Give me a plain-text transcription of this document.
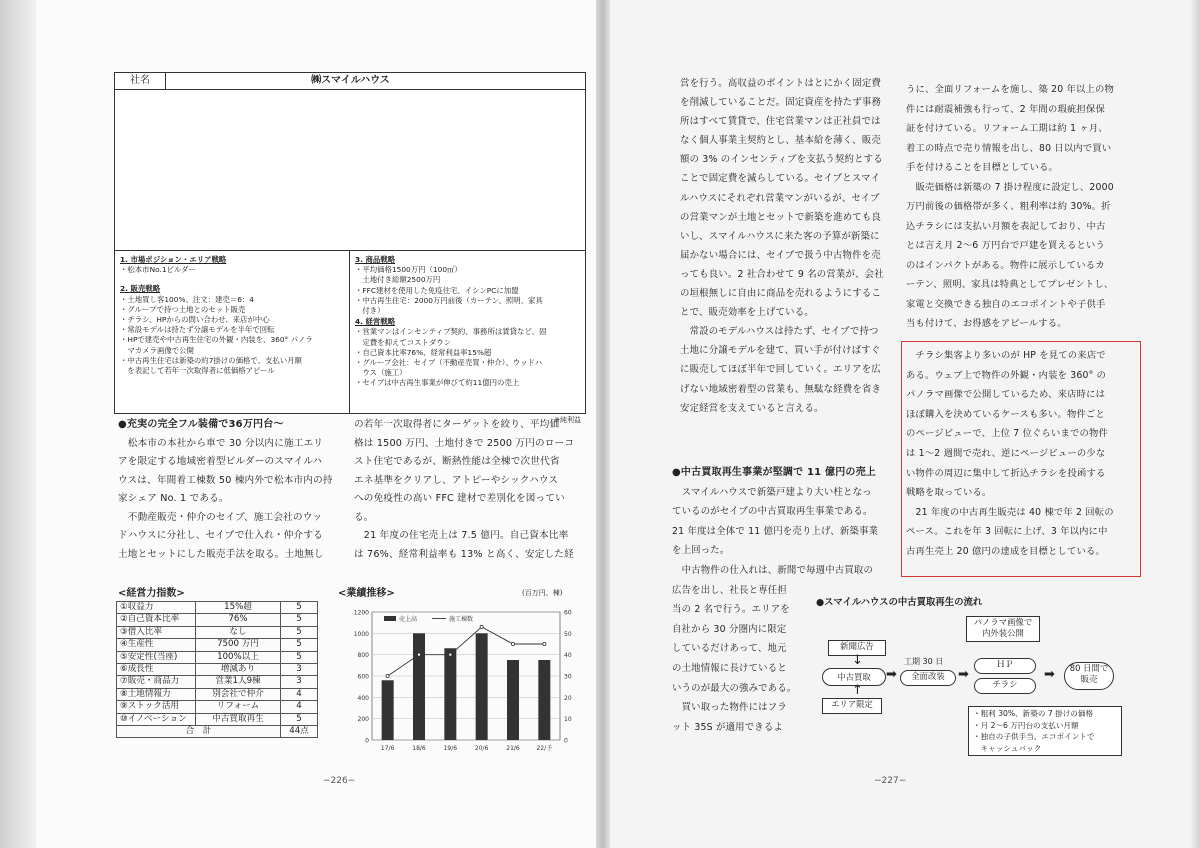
社名	㈱スマイルハウス
1. 市場ポジション・エリア戦略
・松本市No.1ビルダー
2. 販売戦略
・土地買し客100%、注文：建売＝6：4
・グループで持つ土地とのセット販売
・チラシ、HPからの問い合わせ、来店が中心
・常設モデルは持たず分譲モデルを半年で回転
・HPで建売や中古再生住宅の外観・内装を、360° パノラ
　マカメラ画像で公開
・中古再生住宅は新築の約7掛けの価格で、支払い月額
　を表記して若年一次取得者に低価格アピール
3. 商品戦略
・平均価格1500万円（100㎡）
　土地付き総額2500万円
・FFC建材を使用した免疫住宅、イシンPCに加盟
・中古再生住宅：2000万円前後（カーテン、照明、家具
　付き）
4. 経営戦略
・営業マンはインセンティブ契約、事務所は賃貸など、固
　定費を抑えてコストダウン
・自己資本比率76%、経常利益率15%超
・グループ会社：セイブ（不動産売買・仲介）、ウッドハ
　ウス（施工）
・セイブは中古再生事業が伸びて約11億円の売上
※純利益
●充実の完全フル装備で36万円台～

　松本市の本社から車で 30 分以内に施工エリ

アを限定する地域密着型ビルダーのスマイルハ

ウスは、年間着工棟数 50 棟内外で松本市内の持

家シェア No. 1 である。

　不動産販売・仲介のセイブ、施工会社のウッ

ドハウスに分社し、セイブで仕入れ・仲介する

土地とセットにした販売手法を取る。土地無し

の若年一次取得者にターゲットを絞り、平均価

格は 1500 万円、土地付きで 2500 万円のローコ

スト住宅であるが、断熱性能は全棟で次世代省

エネ基準をクリアし、アトピーやシックハウス

への免疫性の高い FFC 建材で差別化を図ってい

る。

　21 年度の住宅売上は 7.5 億円。自己資本比率

は 76%、経常利益率も 13% と高く、安定した経

<経営力指数>
①収益力	15%超	5
②自己資本比率	76%	5
③借入比率	なし	5
④生産性	7500 万円	5
⑤安定性(当座)	100%以上	5
⑥成長性	増減あり	3
⑦販売・商品力	営業1人9棟	3
⑧土地情報力	別会社で仲介	4
⑨ストック活用	リフォーム	4
⑩イノベーション	中古買取再生	5
合　計		44点
<業績推移>	(百万円、棟)
1200
1000
800
600
400
200
0
60
50
40
30
20
10
0
17/6	18/6	19/6	20/6	21/6	22/予
売上高	施工棟数
−226−

営を行う。高収益のポイントはとにかく固定費

を削減していることだ。固定資産を持たず事務

所はすべて賃貸で、住宅営業マンは正社員では

なく個人事業主契約とし、基本給を薄く、販売

額の 3% のインセンティブを支払う契約とする

ことで固定費を減らしている。セイブとスマイ

ルハウスにそれぞれ営業マンがいるが、セイブ

の営業マンが土地とセットで新築を進めても良

いし、スマイルハウスに来た客の予算が新築に

届かない場合には、セイブで扱う中古物件を売

っても良い。2 社合わせて 9 名の営業が、会社

の垣根無しに自由に商品を売れるようにするこ

とで、販売効率を上げている。

　常設のモデルハウスは持たず、セイブで持つ

土地に分譲モデルを建て、買い手が付けばすぐ

に販売してほぼ半年で回していく。エリアを広

げない地域密着型の営業も、無駄な経費を省き

安定経営を支えていると言える。

●中古買取再生事業が堅調で 11 億円の売上

　スマイルハウスで新築戸建より大い柱となっ

ているのがセイブの中古買取再生事業である。

21 年度は全体で 11 億円を売り上げ、新築事業

を上回った。

　中古物件の仕入れは、新聞で毎週中古買取の

広告を出し、社長と専任担

当の 2 名で行う。エリアを

自社から 30 分圏内に限定

しているだけあって、地元

の土地情報に長けていると

いうのが最大の強みである。

　買い取った物件にはフラ

ット 35S が適用できるよ

うに、全面リフォームを施し、築 20 年以上の物

件には耐震補強も行って、2 年間の瑕疵担保保

証を付けている。リフォーム工期は約 1 ヶ月、

着工の時点で売り情報を出し、80 日以内で買い

手を付けることを目標としている。

　販売価格は新築の 7 掛け程度に設定し、2000

万円前後の価格帯が多く、粗利率は約 30%。折

込チラシには支払い月額を表記しており、中古

とは言え月 2～6 万円台で戸建を買えるという

のはインパクトがある。物件に展示しているカ

ーテン、照明、家具は特典としてプレゼントし、

家電と交換できる独自のエコポイントや子供手

当も付けて、お得感をアピールする。

　チラシ集客より多いのが HP を見ての来店で

ある。ウェブ上で物件の外観・内装を 360° の

パノラマ画像で公開しているため、来店時には

ほぼ購入を決めているケースも多い。物件ごと

のページビューで、上位 7 位ぐらいまでの物件

は 1～2 週間で売れ、逆にページビューの少な

い物件の周辺に集中して折込チラシを投函する

戦略を取っている。

　21 年度の中古再生販売は 40 棟で年 2 回転の

ペース。これを年 3 回転に上げ、3 年以内に中

古再生売上 20 億円の達成を目標としている。

●スマイルハウスの中古買取再生の流れ
新聞広告
↓
中古買取
↑
エリア限定
➡
工期 30 日
全面改装	➡
パノラマ画像で
内外装公開
ＨＰ
チラシ
➡	80 日間で
販売
・粗利 30%、新築の 7 掛けの価格
・月 2～6 万円台の支払い月額
・独自の子供手当、エコポイントで
　キャッシュバック
−227−
